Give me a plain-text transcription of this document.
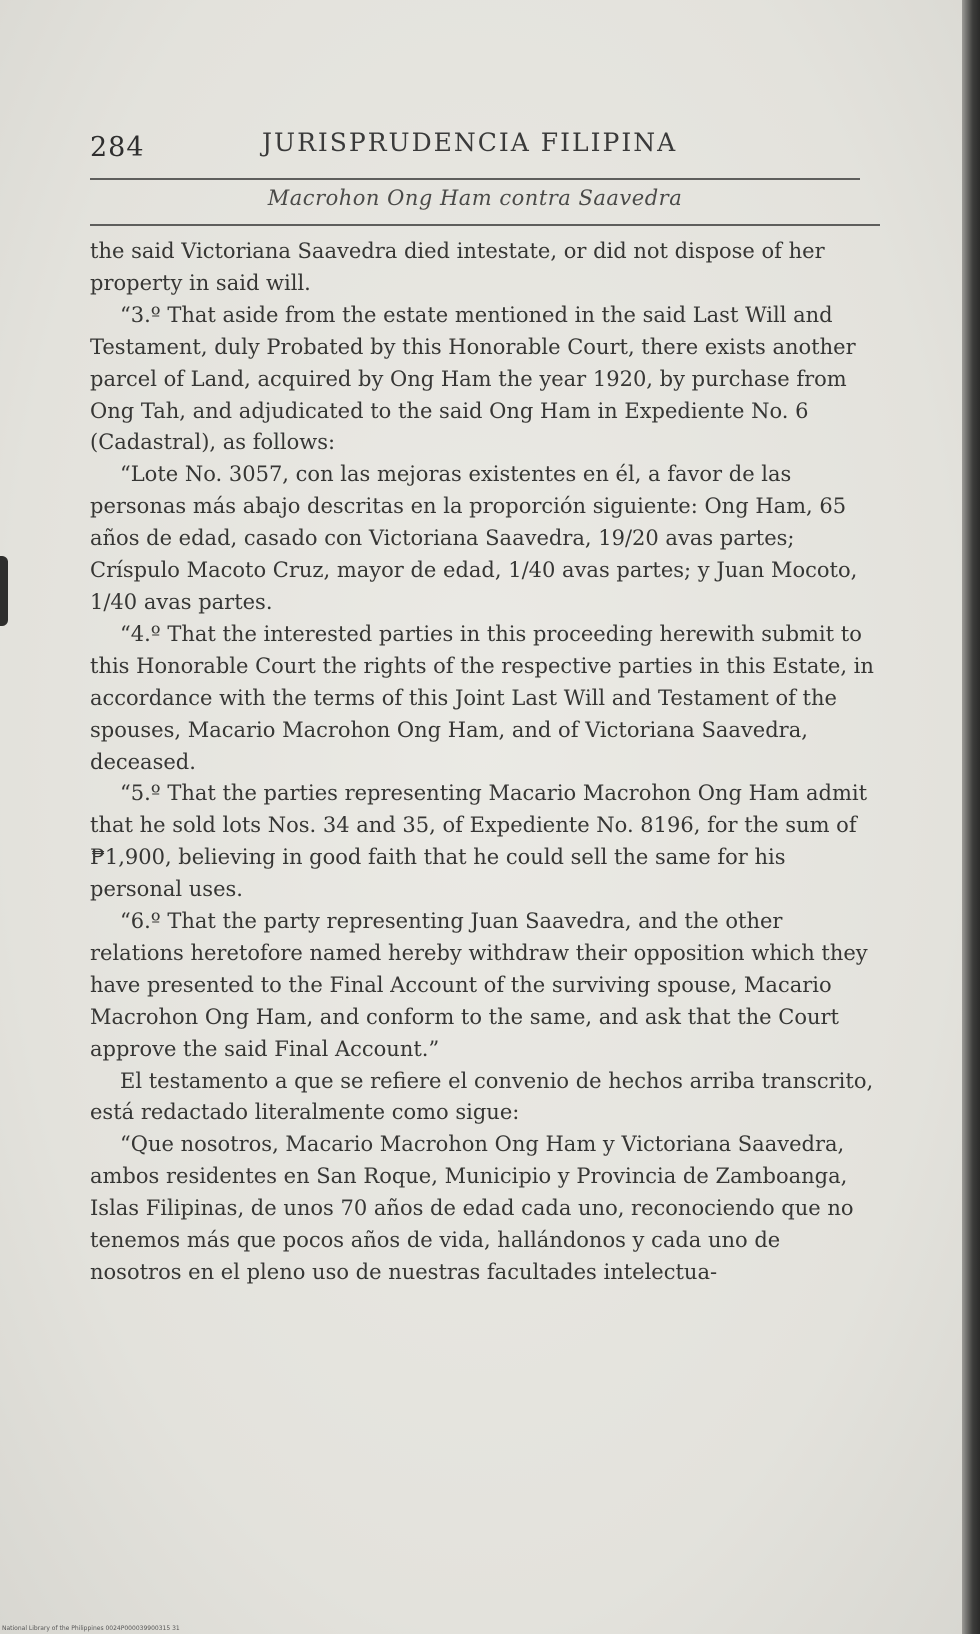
284	JURISPRUDENCIA FILIPINA
Macrohon Ong Ham contra Saavedra

the said Victoriana Saavedra died intestate, or did not dispose of her property in said will.

“3.º That aside from the estate mentioned in the said Last Will and Testament, duly Probated by this Honorable Court, there exists another parcel of Land, acquired by Ong Ham the year 1920, by purchase from Ong Tah, and adjudicated to the said Ong Ham in Expediente No. 6 (Cadastral), as follows:

“Lote No. 3057, con las mejoras existentes en él, a favor de las personas más abajo descritas en la proporción siguiente: Ong Ham, 65 años de edad, casado con Victoriana Saavedra, 19/20 avas partes; Críspulo Macoto Cruz, mayor de edad, 1/40 avas partes; y Juan Mocoto, 1/40 avas partes.

“4.º That the interested parties in this proceeding herewith submit to this Honorable Court the rights of the respective parties in this Estate, in accordance with the terms of this Joint Last Will and Testament of the spouses, Macario Macrohon Ong Ham, and of Victoriana Saavedra, deceased.

“5.º That the parties representing Macario Macrohon Ong Ham admit that he sold lots Nos. 34 and 35, of Expediente No. 8196, for the sum of ₱1,900, believing in good faith that he could sell the same for his personal uses.

“6.º That the party representing Juan Saavedra, and the other relations heretofore named hereby withdraw their opposition which they have presented to the Final Account of the surviving spouse, Macario Macrohon Ong Ham, and conform to the same, and ask that the Court approve the said Final Account.”

El testamento a que se refiere el convenio de hechos arriba transcrito, está redactado literalmente como sigue:

“Que nosotros, Macario Macrohon Ong Ham y Victoriana Saavedra, ambos residentes en San Roque, Municipio y Provincia de Zamboanga, Islas Filipinas, de unos 70 años de edad cada uno, reconociendo que no tenemos más que pocos años de vida, hallándonos y cada uno de nosotros en el pleno uso de nuestras facultades intelectua-

National Library of the Philippines 0024P000039900315 31
